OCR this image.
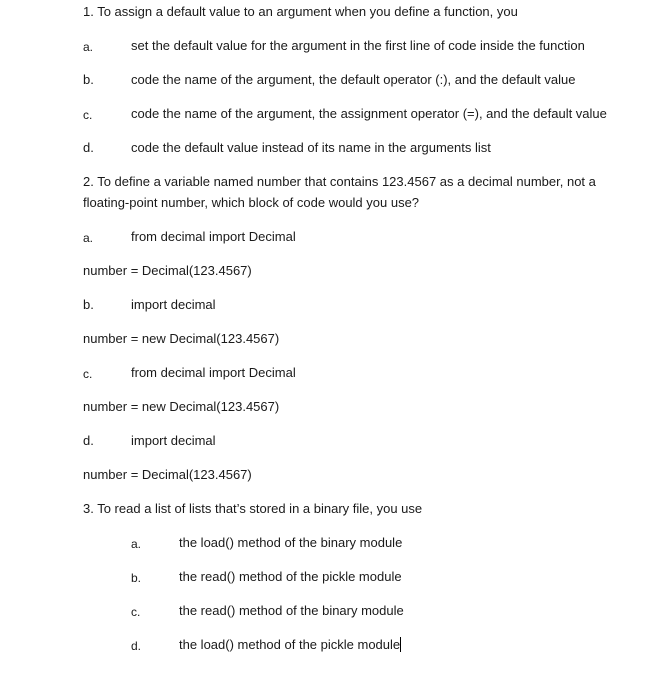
1. To assign a default value to an argument when you define a function, you
a.	set the default value for the argument in the first line of code inside the function
b.	code the name of the argument, the default operator (:), and the default value
c.	code the name of the argument, the assignment operator (=), and the default value
d.	code the default value instead of its name in the arguments list
2. To define a variable named number that contains 123.4567 as a decimal number, not a
floating-point number, which block of code would you use?
a.	from decimal import Decimal
number = Decimal(123.4567)
b.	import decimal
number = new Decimal(123.4567)
c.	from decimal import Decimal
number = new Decimal(123.4567)
d.	import decimal
number = Decimal(123.4567)
3. To read a list of lists that’s stored in a binary file, you use
a.	the load() method of the binary module
b.	the read() method of the pickle module
c.	the read() method of the binary module
d.	the load() method of the pickle module
